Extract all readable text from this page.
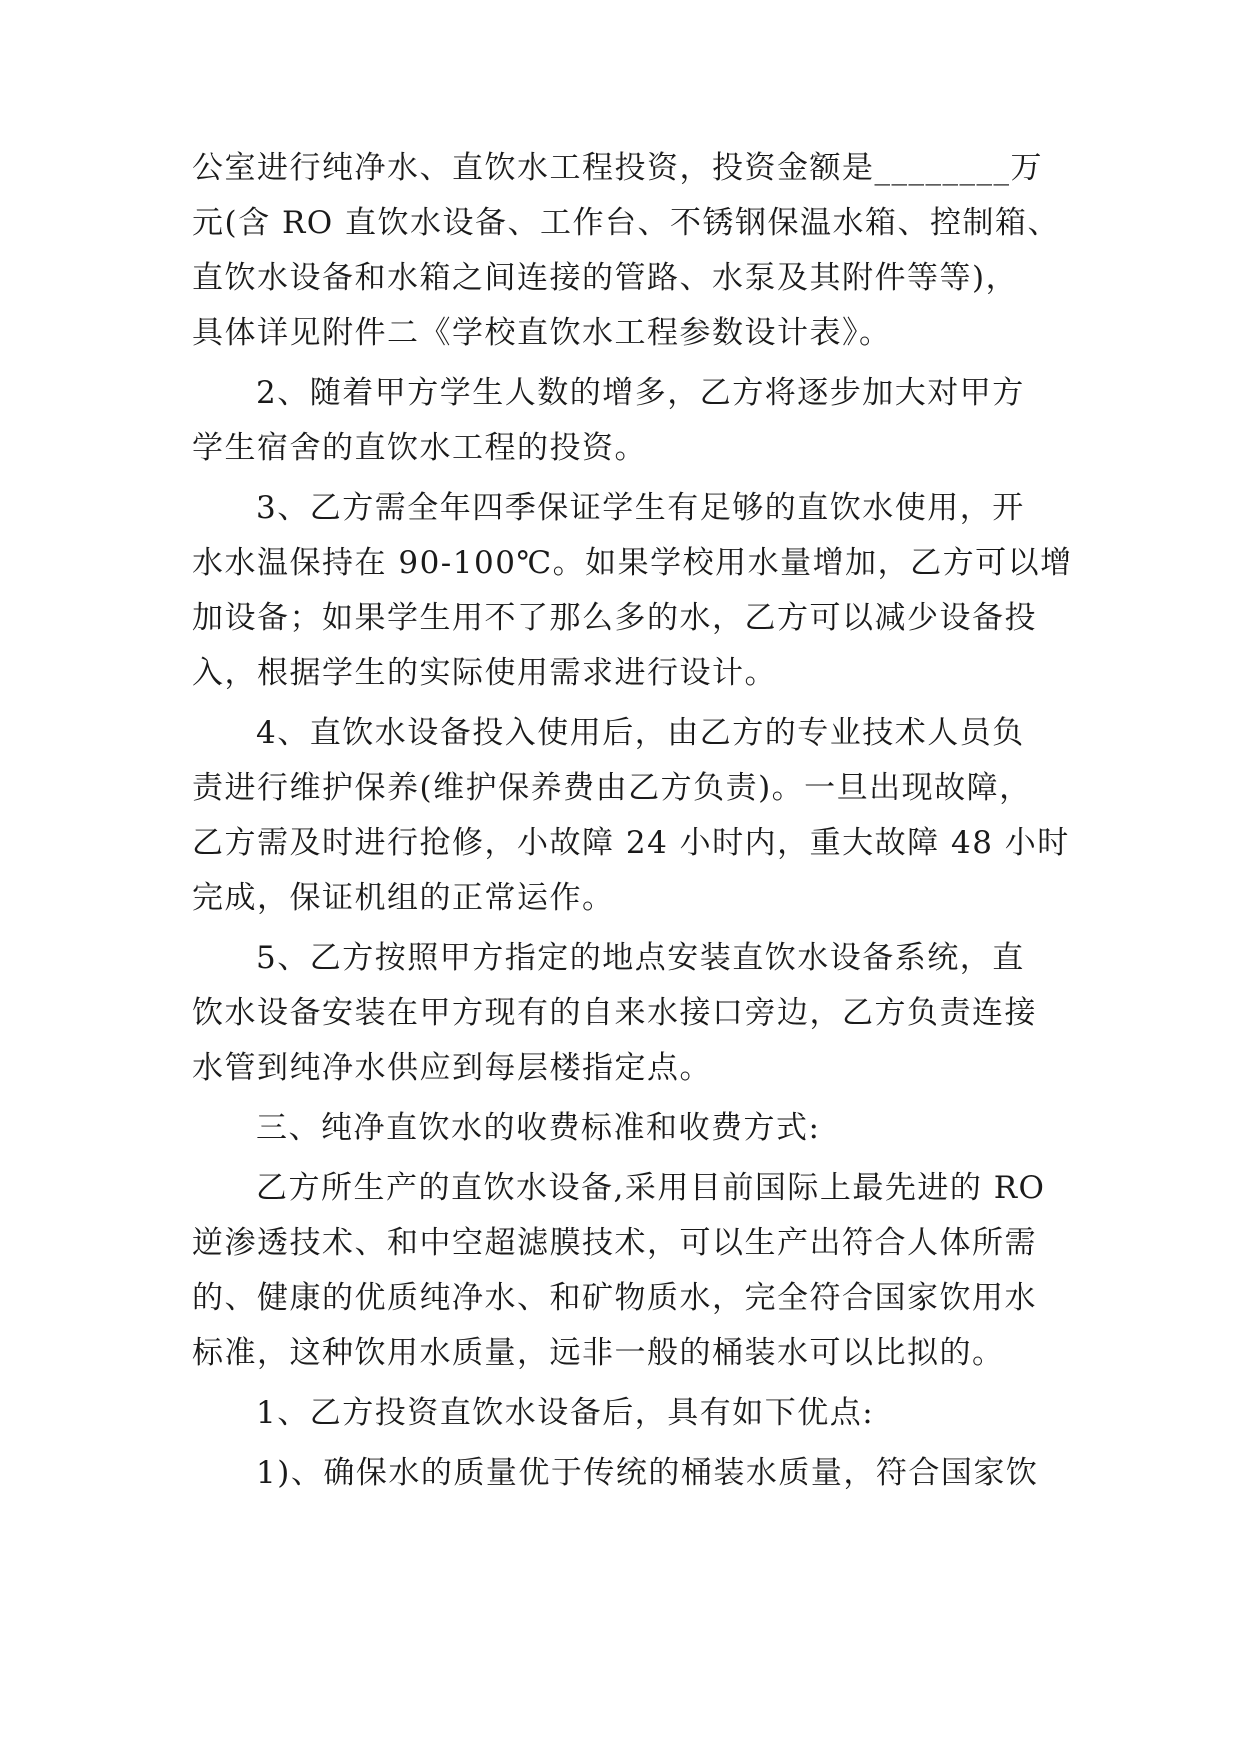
公室进行纯净水、直饮水工程投资，投资金额是________万
元(含 RO 直饮水设备、工作台、不锈钢保温水箱、控制箱、
直饮水设备和水箱之间连接的管路、水泵及其附件等等)，
具体详见附件二《学校直饮水工程参数设计表》。
2、随着甲方学生人数的增多，乙方将逐步加大对甲方
学生宿舍的直饮水工程的投资。
3、乙方需全年四季保证学生有足够的直饮水使用，开
水水温保持在 90-100℃。如果学校用水量增加，乙方可以增
加设备；如果学生用不了那么多的水，乙方可以减少设备投
入，根据学生的实际使用需求进行设计。
4、直饮水设备投入使用后，由乙方的专业技术人员负
责进行维护保养(维护保养费由乙方负责)。一旦出现故障，
乙方需及时进行抢修，小故障 24 小时内，重大故障 48 小时
完成，保证机组的正常运作。
5、乙方按照甲方指定的地点安装直饮水设备系统，直
饮水设备安装在甲方现有的自来水接口旁边，乙方负责连接
水管到纯净水供应到每层楼指定点。
三、纯净直饮水的收费标准和收费方式:
乙方所生产的直饮水设备,采用目前国际上最先进的 RO
逆渗透技术、和中空超滤膜技术，可以生产出符合人体所需
的、健康的优质纯净水、和矿物质水，完全符合国家饮用水
标准，这种饮用水质量，远非一般的桶装水可以比拟的。
1、乙方投资直饮水设备后，具有如下优点:
1)、确保水的质量优于传统的桶装水质量，符合国家饮
